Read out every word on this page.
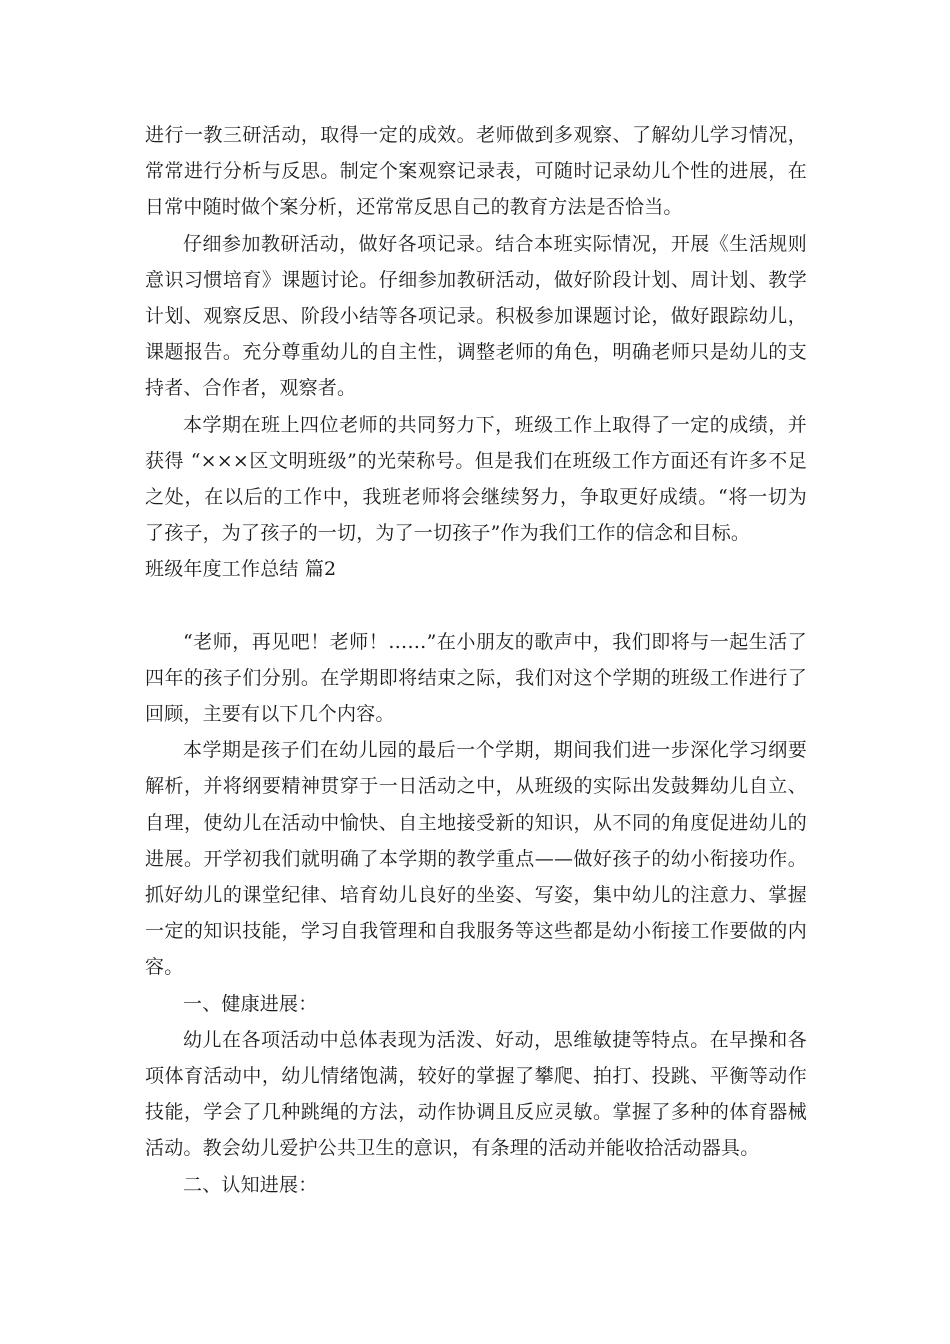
进行一教三研活动，取得一定的成效。老师做到多观察、了解幼儿学习情况，常常进行分析与反思。制定个案观察记录表，可随时记录幼儿个性的进展，在日常中随时做个案分析，还常常反思自己的教育方法是否恰当。

仔细参加教研活动，做好各项记录。结合本班实际情况，开展《生活规则意识习惯培育》课题讨论。仔细参加教研活动，做好阶段计划、周计划、教学计划、观察反思、阶段小结等各项记录。积极参加课题讨论，做好跟踪幼儿，课题报告。充分尊重幼儿的自主性，调整老师的角色，明确老师只是幼儿的支持者、合作者，观察者。

本学期在班上四位老师的共同努力下，班级工作上取得了一定的成绩，并获得 “×××区文明班级”的光荣称号。但是我们在班级工作方面还有许多不足之处，在以后的工作中，我班老师将会继续努力，争取更好成绩。“将一切为了孩子，为了孩子的一切，为了一切孩子”作为我们工作的信念和目标。

班级年度工作总结 篇2

“老师，再见吧！老师！……”在小朋友的歌声中，我们即将与一起生活了四年的孩子们分别。在学期即将结束之际，我们对这个学期的班级工作进行了回顾，主要有以下几个内容。

本学期是孩子们在幼儿园的最后一个学期，期间我们进一步深化学习纲要解析，并将纲要精神贯穿于一日活动之中，从班级的实际出发鼓舞幼儿自立、自理，使幼儿在活动中愉快、自主地接受新的知识，从不同的角度促进幼儿的进展。开学初我们就明确了本学期的教学重点——做好孩子的幼小衔接功作。抓好幼儿的课堂纪律、培育幼儿良好的坐姿、写姿，集中幼儿的注意力、掌握一定的知识技能，学习自我管理和自我服务等这些都是幼小衔接工作要做的内容。

一、健康进展：

幼儿在各项活动中总体表现为活泼、好动，思维敏捷等特点。在早操和各项体育活动中，幼儿情绪饱满，较好的掌握了攀爬、拍打、投跳、平衡等动作技能，学会了几种跳绳的方法，动作协调且反应灵敏。掌握了多种的体育器械活动。教会幼儿爱护公共卫生的意识，有条理的活动并能收拾活动器具。

二、认知进展：
